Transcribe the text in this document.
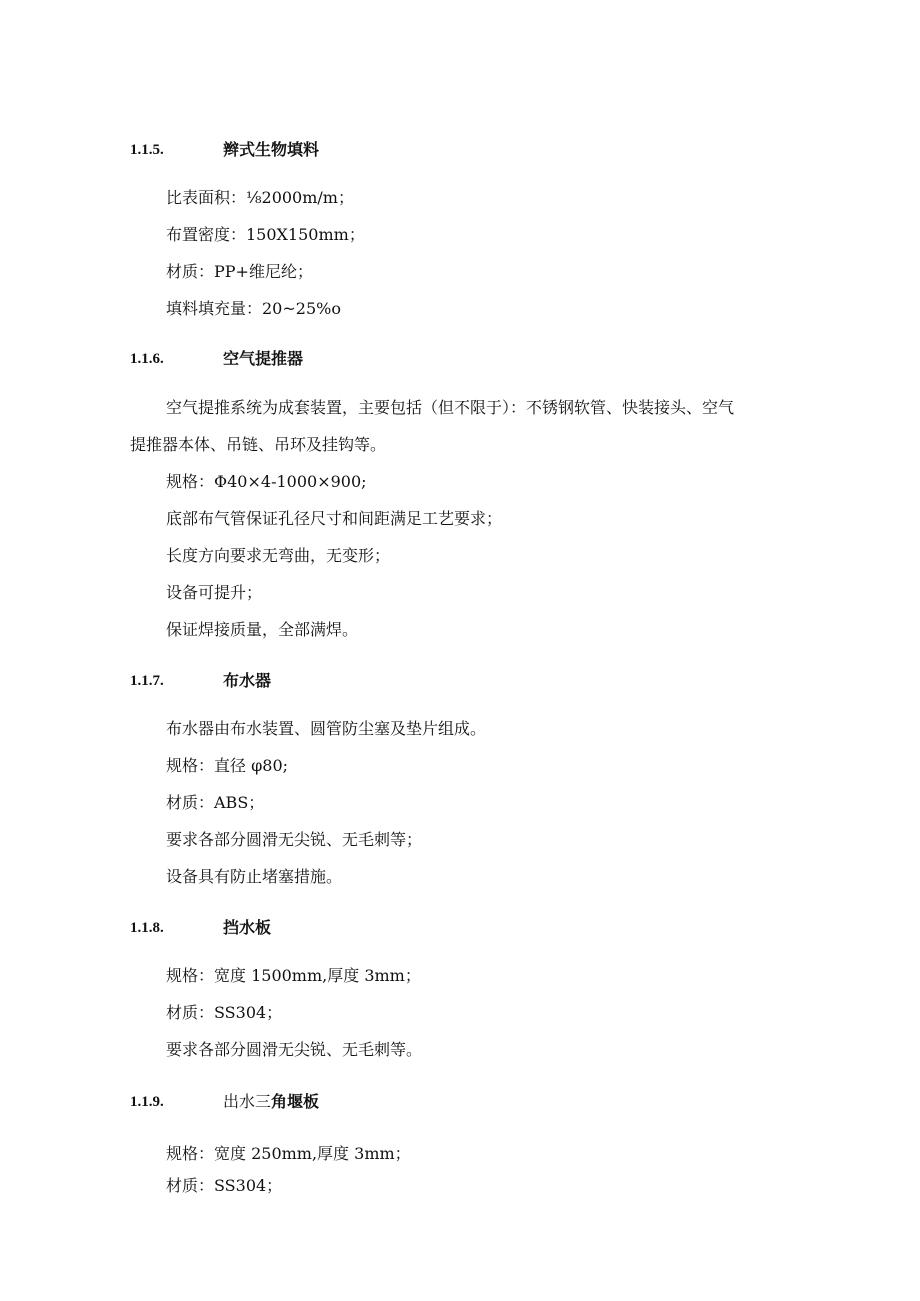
1.1.5.	辫式生物填料
比表面积：⅛2000m/m；
布置密度：150X150mm；
材质：PP+维尼纶；
填料填充量：20~25%o
1.1.6.	空气提推器
空气提推系统为成套装置，主要包括（但不限于）：不锈钢软管、快装接头、空气
提推器本体、吊链、吊环及挂钩等。
规格：Φ40×4-1000×900;
底部布气管保证孔径尺寸和间距满足工艺要求；
长度方向要求无弯曲，无变形；
设备可提升；
保证焊接质量，全部满焊。
1.1.7.	布水器
布水器由布水装置、圆管防尘塞及垫片组成。
规格：直径 φ80;
材质：ABS；
要求各部分圆滑无尖锐、无毛刺等；
设备具有防止堵塞措施。
1.1.8.	挡水板
规格：宽度 1500mm,厚度 3mm；
材质：SS304；
要求各部分圆滑无尖锐、无毛刺等。
1.1.9.	出水三角堰板
规格：宽度 250mm,厚度 3mm；
材质：SS304；
